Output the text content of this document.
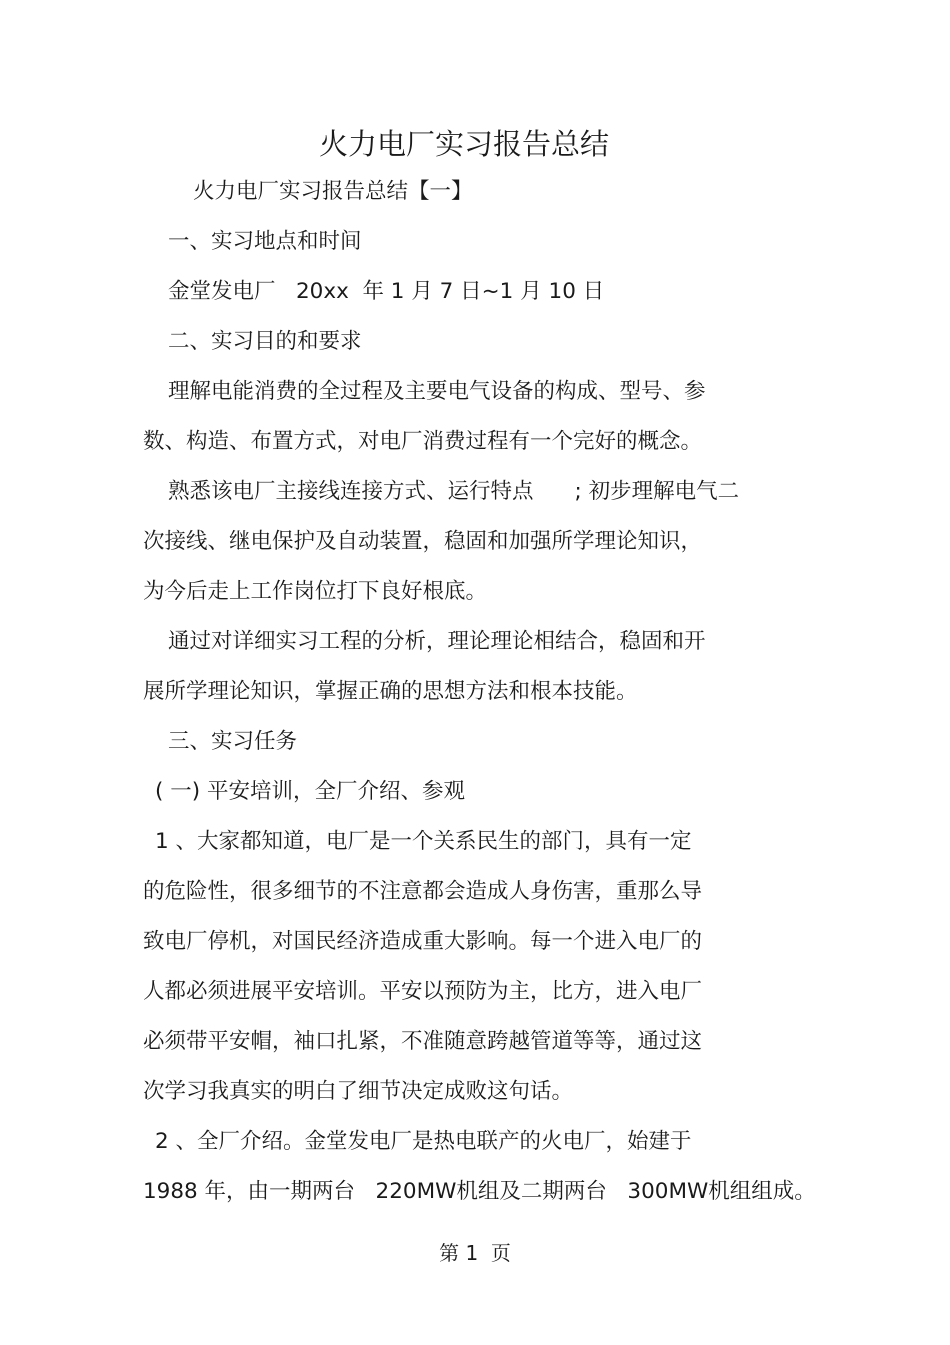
火力电厂实习报告总结
火力电厂实习报告总结【一】
一、实习地点和时间
金堂发电厂   20xx  年 1 月 7 日~1 月 10 日
二、实习目的和要求
理解电能消费的全过程及主要电气设备的构成、型号、参
数、构造、布置方式，对电厂消费过程有一个完好的概念。
熟悉该电厂主接线连接方式、运行特点      ; 初步理解电气二
次接线、继电保护及自动装置，稳固和加强所学理论知识，
为今后走上工作岗位打下良好根底。
通过对详细实习工程的分析，理论理论相结合，稳固和开
展所学理论知识，掌握正确的思想方法和根本技能。
三、实习任务
( 一) 平安培训，全厂介绍、参观
1 、大家都知道，电厂是一个关系民生的部门，具有一定
的危险性，很多细节的不注意都会造成人身伤害，重那么导
致电厂停机，对国民经济造成重大影响。每一个进入电厂的
人都必须进展平安培训。平安以预防为主，比方，进入电厂
必须带平安帽，袖口扎紧，不准随意跨越管道等等，通过这
次学习我真实的明白了细节决定成败这句话。
2 、全厂介绍。金堂发电厂是热电联产的火电厂，始建于
1988 年，由一期两台   220MW机组及二期两台   300MW机组组成。
第 1  页
